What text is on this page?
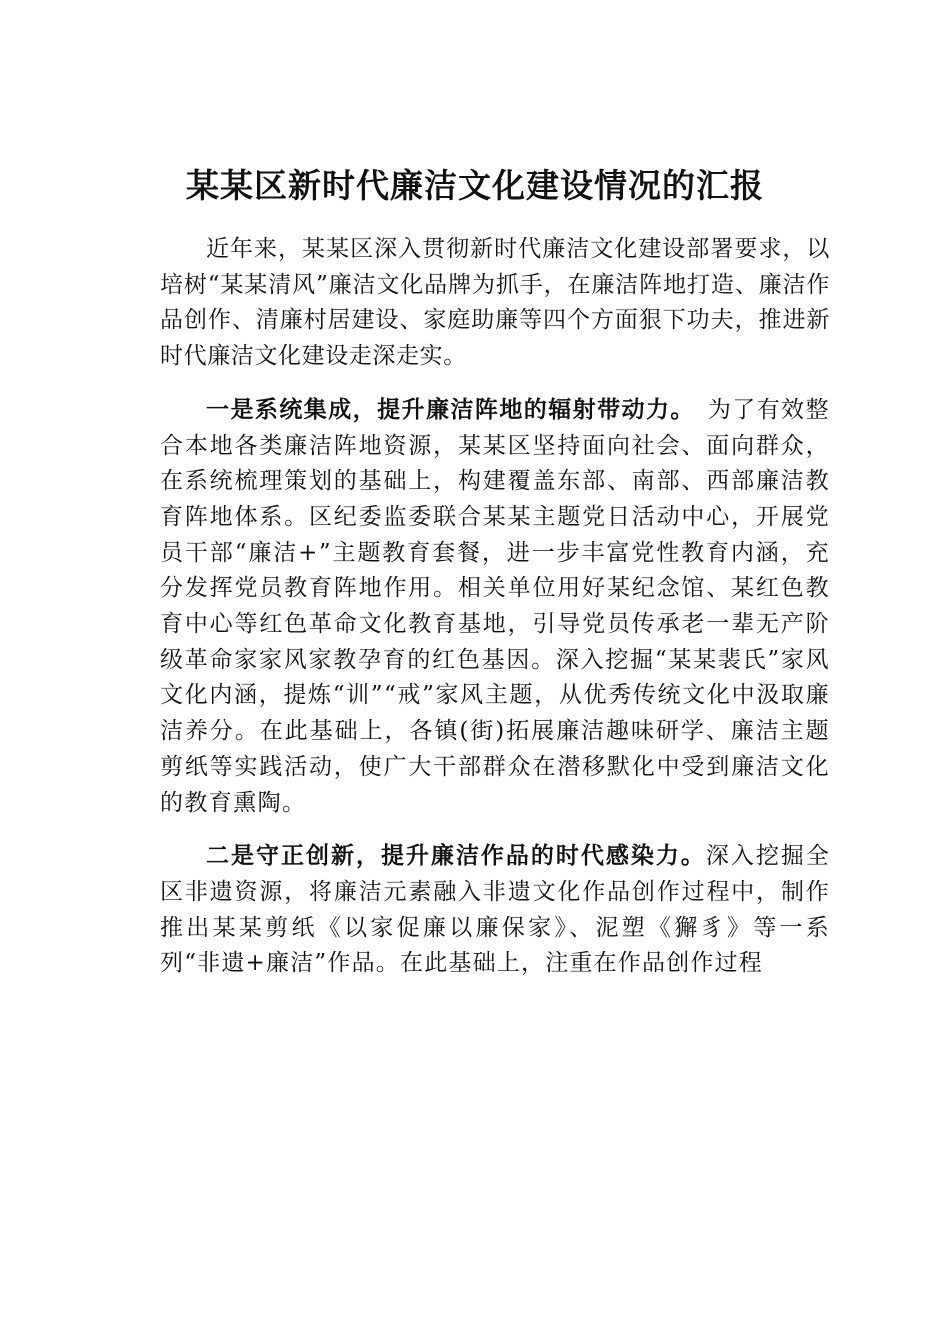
某某区新时代廉洁文化建设情况的汇报

近年来，某某区深入贯彻新时代廉洁文化建设部署要求，以培树“某某清风”廉洁文化品牌为抓手，在廉洁阵地打造、廉洁作品创作、清廉村居建设、家庭助廉等四个方面狠下功夫，推进新时代廉洁文化建设走深走实。

一是系统集成，提升廉洁阵地的辐射带动力。　为了有效整合本地各类廉洁阵地资源，某某区坚持面向社会、面向群众，在系统梳理策划的基础上，构建覆盖东部、南部、西部廉洁教育阵地体系。区纪委监委联合某某主题党日活动中心，开展党员干部“廉洁+”主题教育套餐，进一步丰富党性教育内涵，充分发挥党员教育阵地作用。相关单位用好某纪念馆、某红色教育中心等红色革命文化教育基地，引导党员传承老一辈无产阶级革命家家风家教孕育的红色基因。深入挖掘“某某裴氏”家风文化内涵，提炼“训”“戒”家风主题，从优秀传统文化中汲取廉洁养分。在此基础上，各镇(街)拓展廉洁趣味研学、廉洁主题剪纸等实践活动，使广大干部群众在潜移默化中受到廉洁文化的教育熏陶。

二是守正创新，提升廉洁作品的时代感染力。深入挖掘全区非遗资源，将廉洁元素融入非遗文化作品创作过程中，制作推出某某剪纸《以家促廉以廉保家》、泥塑《獬豸》等一系列“非遗+廉洁”作品。在此基础上，注重在作品创作过程
